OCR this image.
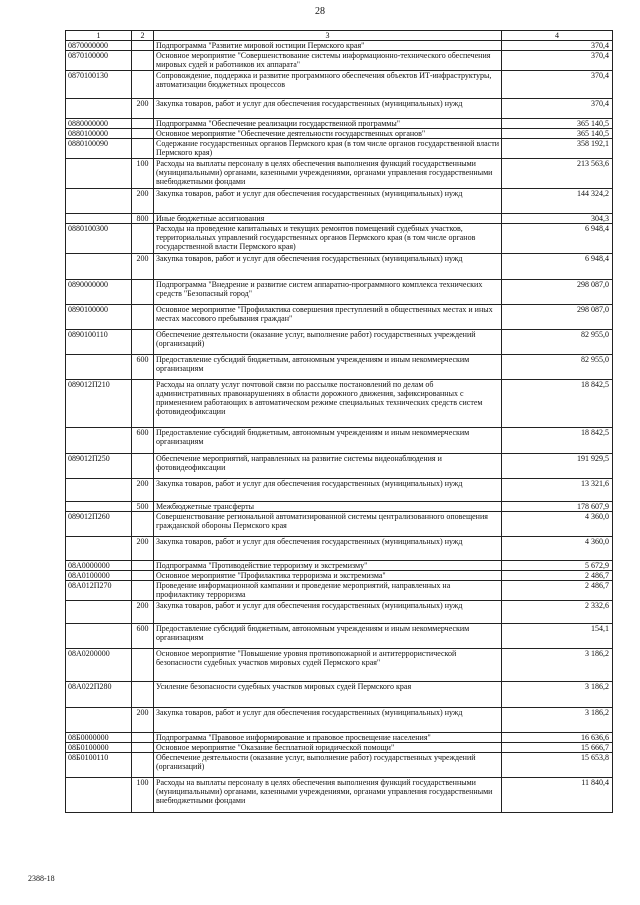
28
1	2	3	4
0870000000		Подпрограмма "Развитие мировой юстиции Пермского края"	370,4
0870100000		Основное мероприятие "Совершенствование системы информационно-технического обеспечения мировых судей и работников их аппарата"	370,4
0870100130		Сопровождение, поддержка и развитие программного обеспечения объектов ИТ-инфраструктуры, автоматизации бюджетных процессов	370,4
	200	Закупка товаров, работ и услуг для обеспечения государственных (муниципальных) нужд	370,4
0880000000		Подпрограмма "Обеспечение реализации государственной программы"	365 140,5
0880100000		Основное мероприятие "Обеспечение деятельности государственных органов"	365 140,5
0880100090		Содержание государственных органов Пермского края (в том числе органов государственной власти Пермского края)	358 192,1
	100	Расходы на выплаты персоналу в целях обеспечения выполнения функций государственными (муниципальными) органами, казенными учреждениями, органами управления государственными внебюджетными фондами	213 563,6
	200	Закупка товаров, работ и услуг для обеспечения государственных (муниципальных) нужд	144 324,2
	800	Иные бюджетные ассигнования	304,3
0880100300		Расходы на проведение капитальных и текущих ремонтов помещений судебных участков, территориальных управлений государственных органов Пермского края (в том числе органов государственной власти Пермского края)	6 948,4
	200	Закупка товаров, работ и услуг для обеспечения государственных (муниципальных) нужд	6 948,4
0890000000		Подпрограмма "Внедрение и развитие систем аппаратно-программного комплекса технических средств "Безопасный город"	298 087,0
0890100000		Основное мероприятие "Профилактика совершения преступлений в общественных местах и иных местах массового пребывания граждан"	298 087,0
0890100110		Обеспечение деятельности (оказание услуг, выполнение работ) государственных учреждений (организаций)	82 955,0
	600	Предоставление субсидий бюджетным, автономным учреждениям и иным некоммерческим организациям	82 955,0
089012П210		Расходы на оплату услуг почтовой связи по рассылке постановлений по делам об административных правонарушениях в области дорожного движения, зафиксированных с применением работающих в автоматическом режиме специальных технических средств систем фотовидеофиксации	18 842,5
	600	Предоставление субсидий бюджетным, автономным учреждениям и иным некоммерческим организациям	18 842,5
089012П250		Обеспечение мероприятий, направленных на развитие системы видеонаблюдения и фотовидеофиксации	191 929,5
	200	Закупка товаров, работ и услуг для обеспечения государственных (муниципальных) нужд	13 321,6
	500	Межбюджетные трансферты	178 607,9
089012П260		Совершенствование региональной автоматизированной системы централизованного оповещения гражданской обороны Пермского края	4 360,0
	200	Закупка товаров, работ и услуг для обеспечения государственных (муниципальных) нужд	4 360,0
08А0000000		Подпрограмма "Противодействие терроризму и экстремизму"	5 672,9
08А0100000		Основное мероприятие "Профилактика терроризма и экстремизма"	2 486,7
08А012П270		Проведение информационной кампании и проведение мероприятий, направленных на профилактику терроризма	2 486,7
	200	Закупка товаров, работ и услуг для обеспечения государственных (муниципальных) нужд	2 332,6
	600	Предоставление субсидий бюджетным, автономным учреждениям и иным некоммерческим организациям	154,1
08А0200000		Основное мероприятие "Повышение уровня противопожарной и антитеррористической безопасности судебных участков мировых судей Пермского края"	3 186,2
08А022П280		Усиление безопасности судебных участков мировых судей Пермского края	3 186,2
	200	Закупка товаров, работ и услуг для обеспечения государственных (муниципальных) нужд	3 186,2
08Б0000000		Подпрограмма "Правовое информирование и правовое просвещение населения"	16 636,6
08Б0100000		Основное мероприятие "Оказание бесплатной юридической помощи"	15 666,7
08Б0100110		Обеспечение деятельности (оказание услуг, выполнение работ) государственных учреждений (организаций)	15 653,8
	100	Расходы на выплаты персоналу в целях обеспечения выполнения функций государственными (муниципальными) органами, казенными учреждениями, органами управления государственными внебюджетными фондами	11 840,4
2388-18
